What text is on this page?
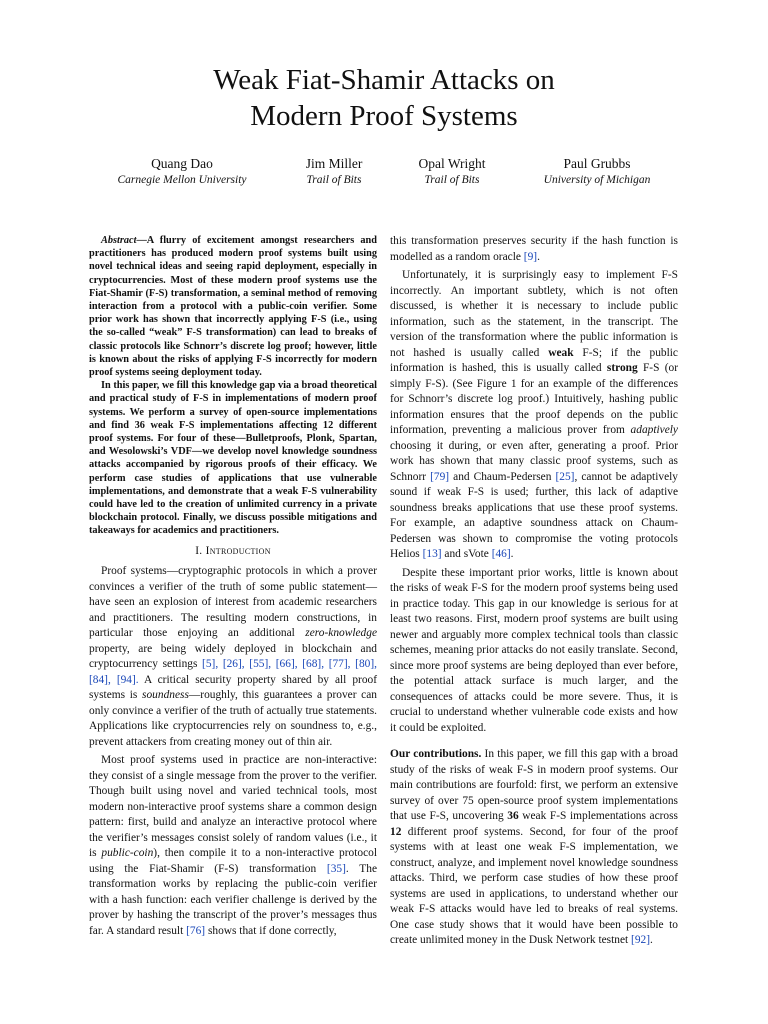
Weak Fiat-Shamir Attacks on
Modern Proof Systems
Quang Dao
Carnegie Mellon University
Jim Miller
Trail of Bits
Opal Wright
Trail of Bits
Paul Grubbs
University of Michigan

Abstract—A flurry of excitement amongst researchers and practitioners has produced modern proof systems built using novel technical ideas and seeing rapid deployment, especially in cryptocurrencies. Most of these modern proof systems use the Fiat-Shamir (F-S) transformation, a seminal method of removing interaction from a protocol with a public-coin verifier. Some prior work has shown that incorrectly applying F-S (i.e., using the so-called “weak” F-S transformation) can lead to breaks of classic protocols like Schnorr’s discrete log proof; however, little is known about the risks of applying F-S incorrectly for modern proof systems seeing deployment today.

In this paper, we fill this knowledge gap via a broad theoretical and practical study of F-S in implementations of modern proof systems. We perform a survey of open-source implementations and find 36 weak F-S implementations affecting 12 different proof systems. For four of these—Bulletproofs, Plonk, Spartan, and Wesolowski’s VDF—we develop novel knowledge soundness attacks accompanied by rigorous proofs of their efficacy. We perform case studies of applications that use vulnerable implementations, and demonstrate that a weak F-S vulnerability could have led to the creation of unlimited currency in a private blockchain protocol. Finally, we discuss possible mitigations and takeaways for academics and practitioners.

I. Introduction

Proof systems—cryptographic protocols in which a prover convinces a verifier of the truth of some public statement—have seen an explosion of interest from academic researchers and practitioners. The resulting modern constructions, in particular those enjoying an additional zero-knowledge property, are being widely deployed in blockchain and cryptocurrency settings [5], [26], [55], [66], [68], [77], [80], [84], [94]. A critical security property shared by all proof systems is soundness—roughly, this guarantees a prover can only convince a verifier of the truth of actually true statements. Applications like cryptocurrencies rely on soundness to, e.g., prevent attackers from creating money out of thin air.

Most proof systems used in practice are non-interactive: they consist of a single message from the prover to the verifier. Though built using novel and varied technical tools, most modern non-interactive proof systems share a common design pattern: first, build and analyze an interactive protocol where the verifier’s messages consist solely of random values (i.e., it is public-coin), then compile it to a non-interactive protocol using the Fiat-Shamir (F-S) transformation [35]. The transformation works by replacing the public-coin verifier with a hash function: each verifier challenge is derived by the prover by hashing the transcript of the prover’s messages thus far. A standard result [76] shows that if done correctly,

this transformation preserves security if the hash function is modelled as a random oracle [9].

Unfortunately, it is surprisingly easy to implement F-S incorrectly. An important subtlety, which is not often discussed, is whether it is necessary to include public information, such as the statement, in the transcript. The version of the transformation where the public information is not hashed is usually called weak F-S; if the public information is hashed, this is usually called strong F-S (or simply F-S). (See Figure 1 for an example of the differences for Schnorr’s discrete log proof.) Intuitively, hashing public information ensures that the proof depends on the public information, preventing a malicious prover from adaptively choosing it during, or even after, generating a proof. Prior work has shown that many classic proof systems, such as Schnorr [79] and Chaum-Pedersen [25], cannot be adaptively sound if weak F-S is used; further, this lack of adaptive soundness breaks applications that use these proof systems. For example, an adaptive soundness attack on Chaum-Pedersen was shown to compromise the voting protocols Helios [13] and sVote [46].

Despite these important prior works, little is known about the risks of weak F-S for the modern proof systems being used in practice today. This gap in our knowledge is serious for at least two reasons. First, modern proof systems are built using newer and arguably more complex technical tools than classic schemes, meaning prior attacks do not easily translate. Second, since more proof systems are being deployed than ever before, the potential attack surface is much larger, and the consequences of attacks could be more severe. Thus, it is crucial to understand whether vulnerable code exists and how it could be exploited.

Our contributions. In this paper, we fill this gap with a broad study of the risks of weak F-S in modern proof systems. Our main contributions are fourfold: first, we perform an extensive survey of over 75 open-source proof system implementations that use F-S, uncovering 36 weak F-S implementations across 12 different proof systems. Second, for four of the proof systems with at least one weak F-S implementation, we construct, analyze, and implement novel knowledge soundness attacks. Third, we perform case studies of how these proof systems are used in applications, to understand whether our weak F-S attacks would have led to breaks of real systems. One case study shows that it would have been possible to create unlimited money in the Dusk Network testnet [92].
